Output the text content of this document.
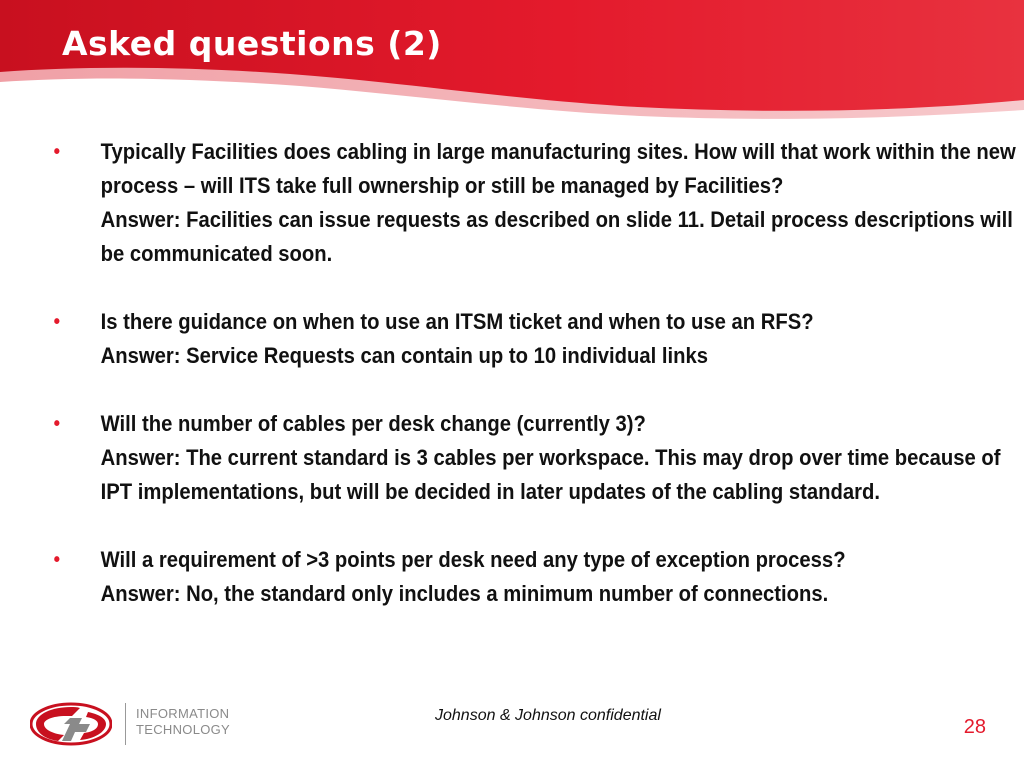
Asked questions (2)
• Typically Facilities does cabling in large manufacturing sites. How will that work within the new process – will ITS take full ownership or still be managed by Facilities?
Answer: Facilities can issue requests as described on slide 11. Detail process descriptions will be communicated soon.
• Is there guidance on when to use an ITSM ticket and when to use an RFS?
Answer: Service Requests can contain up to 10 individual links
• Will the number of cables per desk change (currently 3)?
Answer: The current standard is 3 cables per workspace. This may drop over time because of IPT implementations, but will be decided in later updates of the cabling standard.
• Will a requirement of >3 points per desk need any type of exception process?
Answer: No, the standard only includes a minimum number of connections.
INFORMATION
TECHNOLOGY
Johnson & Johnson confidential
28
